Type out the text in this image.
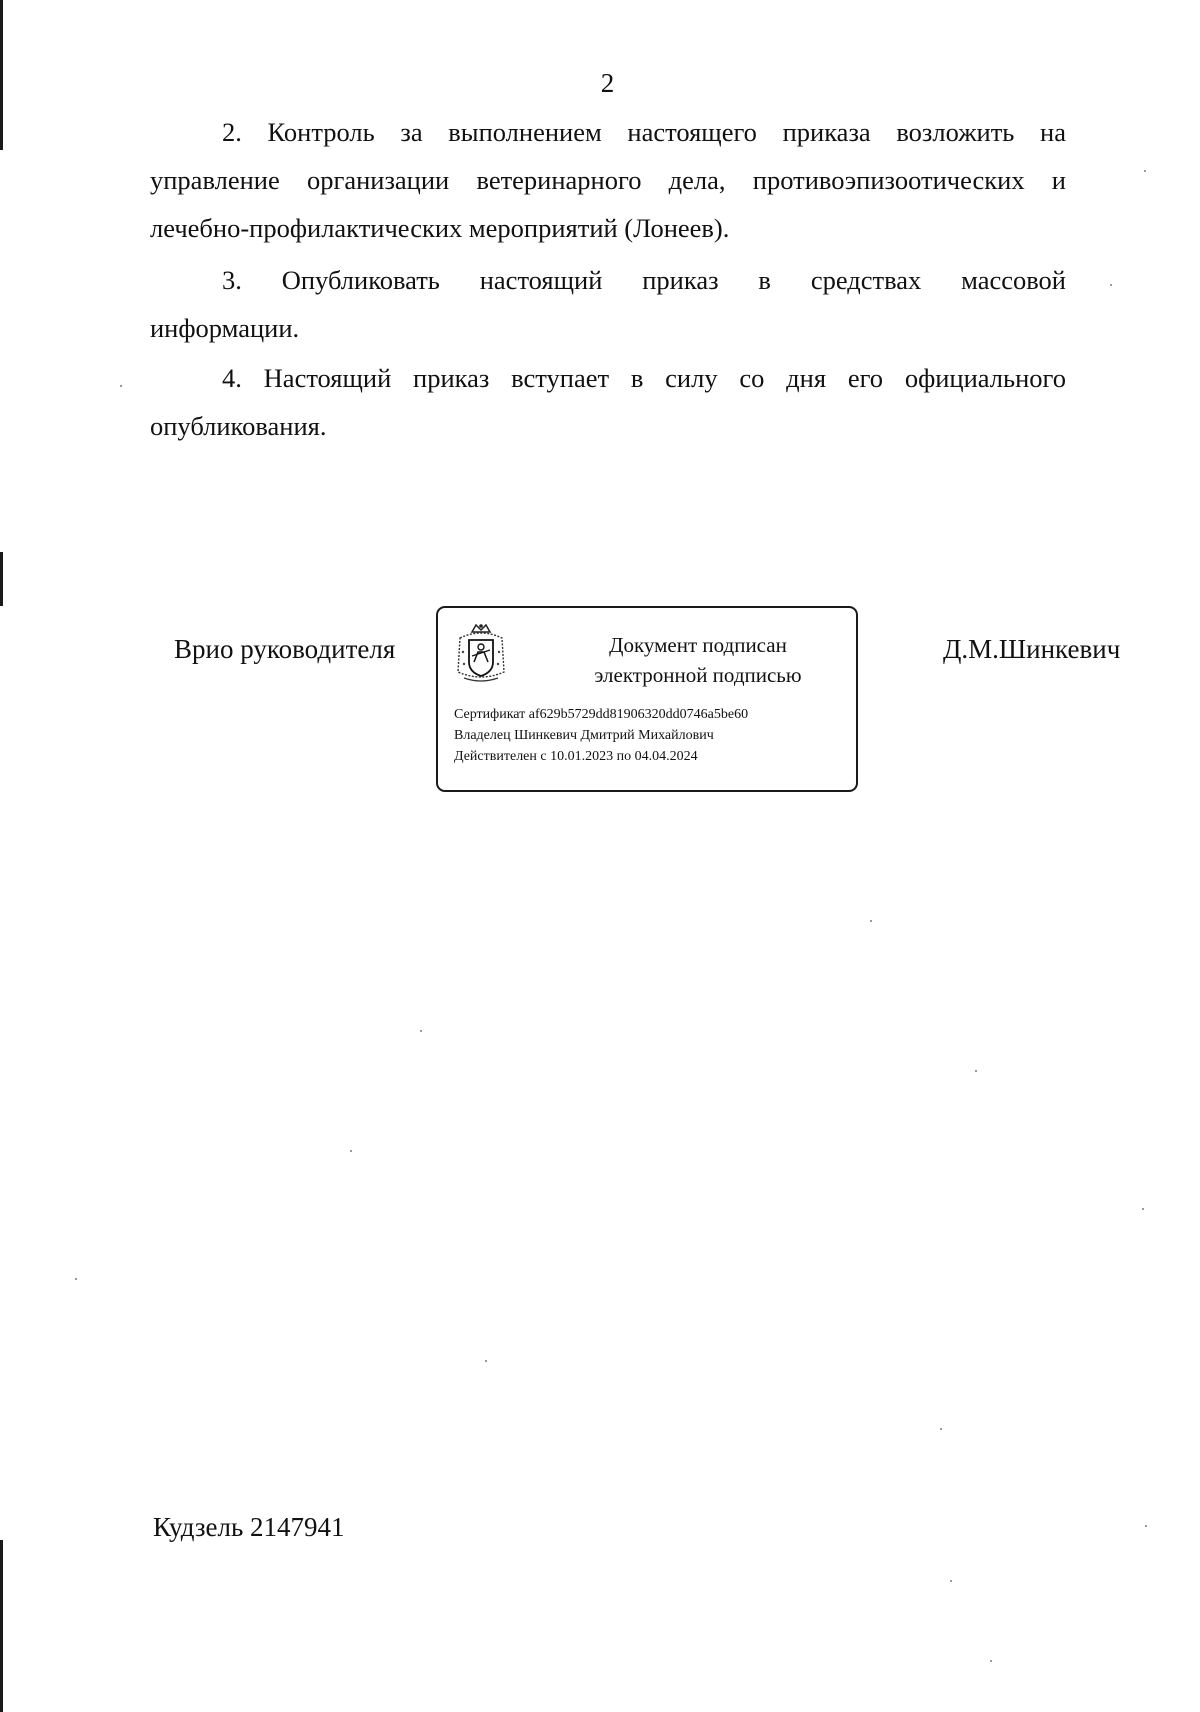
2
2. Контроль за выполнением настоящего приказа возложить на
управление организации ветеринарного дела, противоэпизоотических и
лечебно-профилактических мероприятий (Лонеев).
3. Опубликовать настоящий приказ в средствах массовой
информации.
4. Настоящий приказ вступает в силу со дня его официального
опубликования.
Врио руководителя	Документ подписан
электронной подписью
Сертификат af629b5729dd81906320dd0746a5be60
Владелец Шинкевич Дмитрий Михайлович
Действителен с 10.01.2023 по 04.04.2024
Д.М.Шинкевич
Кудзель 2147941
